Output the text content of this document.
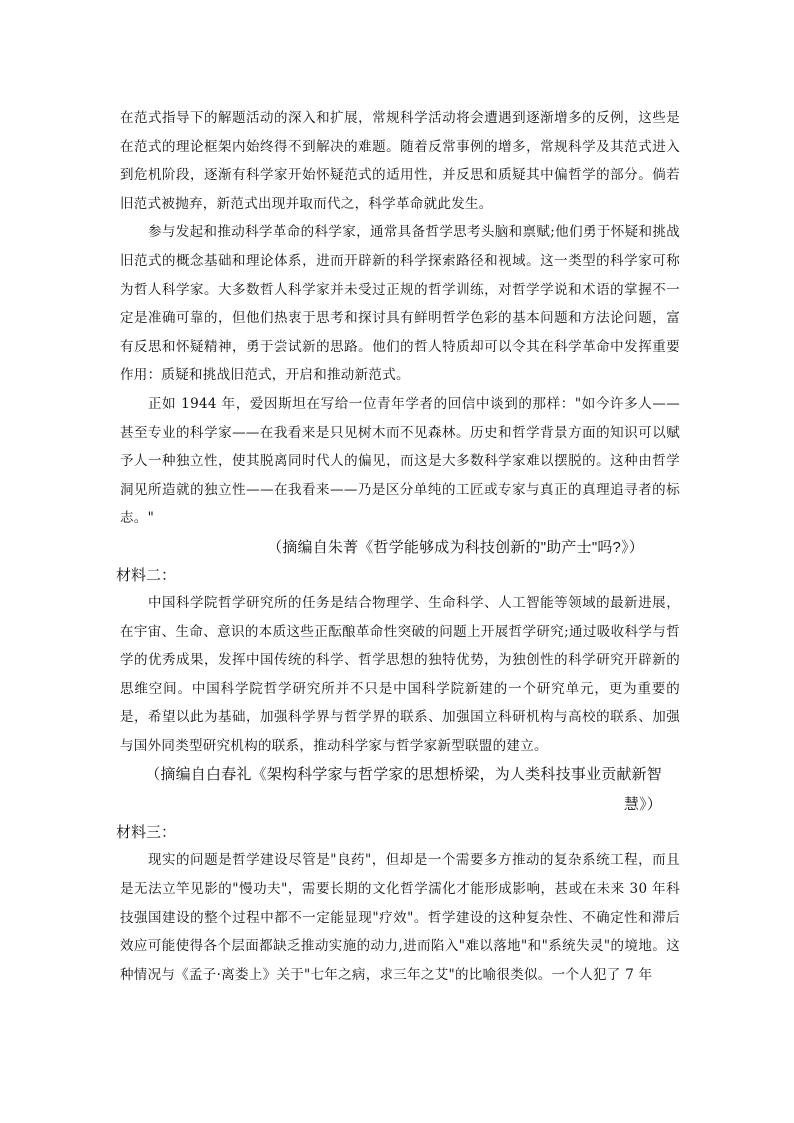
在范式指导下的解题活动的深入和扩展，常规科学活动将会遭遇到逐渐增多的反例，这些是在范式的理论框架内始终得不到解决的难题。随着反常事例的增多，常规科学及其范式进入到危机阶段，逐渐有科学家开始怀疑范式的适用性，并反思和质疑其中偏哲学的部分。倘若旧范式被抛弃，新范式出现并取而代之，科学革命就此发生。

参与发起和推动科学革命的科学家，通常具备哲学思考头脑和禀赋;他们勇于怀疑和挑战旧范式的概念基础和理论体系，进而开辟新的科学探索路径和视域。这一类型的科学家可称为哲人科学家。大多数哲人科学家并未受过正规的哲学训练，对哲学学说和术语的掌握不一定是准确可靠的，但他们热衷于思考和探讨具有鲜明哲学色彩的基本问题和方法论问题，富有反思和怀疑精神，勇于尝试新的思路。他们的哲人特质却可以令其在科学革命中发挥重要作用：质疑和挑战旧范式，开启和推动新范式。

正如 1944 年，爱因斯坦在写给一位青年学者的回信中谈到的那样："如今许多人——甚至专业的科学家——在我看来是只见树木而不见森林。历史和哲学背景方面的知识可以赋予人一种独立性，使其脱离同时代人的偏见，而这是大多数科学家难以摆脱的。这种由哲学洞见所造就的独立性——在我看来——乃是区分单纯的工匠或专家与真正的真理追寻者的标志。"

（摘编自朱菁《哲学能够成为科技创新的"助产士"吗?》）

材料二：

中国科学院哲学研究所的任务是结合物理学、生命科学、人工智能等领域的最新进展，在宇宙、生命、意识的本质这些正酝酿革命性突破的问题上开展哲学研究;通过吸收科学与哲学的优秀成果，发挥中国传统的科学、哲学思想的独特优势，为独创性的科学研究开辟新的思维空间。中国科学院哲学研究所并不只是中国科学院新建的一个研究单元，更为重要的是，希望以此为基础，加强科学界与哲学界的联系、加强国立科研机构与高校的联系、加强与国外同类型研究机构的联系，推动科学家与哲学家新型联盟的建立。

（摘编自白春礼《架构科学家与哲学家的思想桥梁，为人类科技事业贡献新智慧》）

材料三：

现实的问题是哲学建设尽管是"良药"，但却是一个需要多方推动的复杂系统工程，而且是无法立竿见影的"慢功夫"，需要长期的文化哲学濡化才能形成影响，甚或在未来 30 年科技强国建设的整个过程中都不一定能显现"疗效"。哲学建设的这种复杂性、不确定性和滞后效应可能使得各个层面都缺乏推动实施的动力,进而陷入"难以落地"和"系统失灵"的境地。这种情况与《孟子·离娄上》关于"七年之病，求三年之艾"的比喻很类似。一个人犯了 7 年
